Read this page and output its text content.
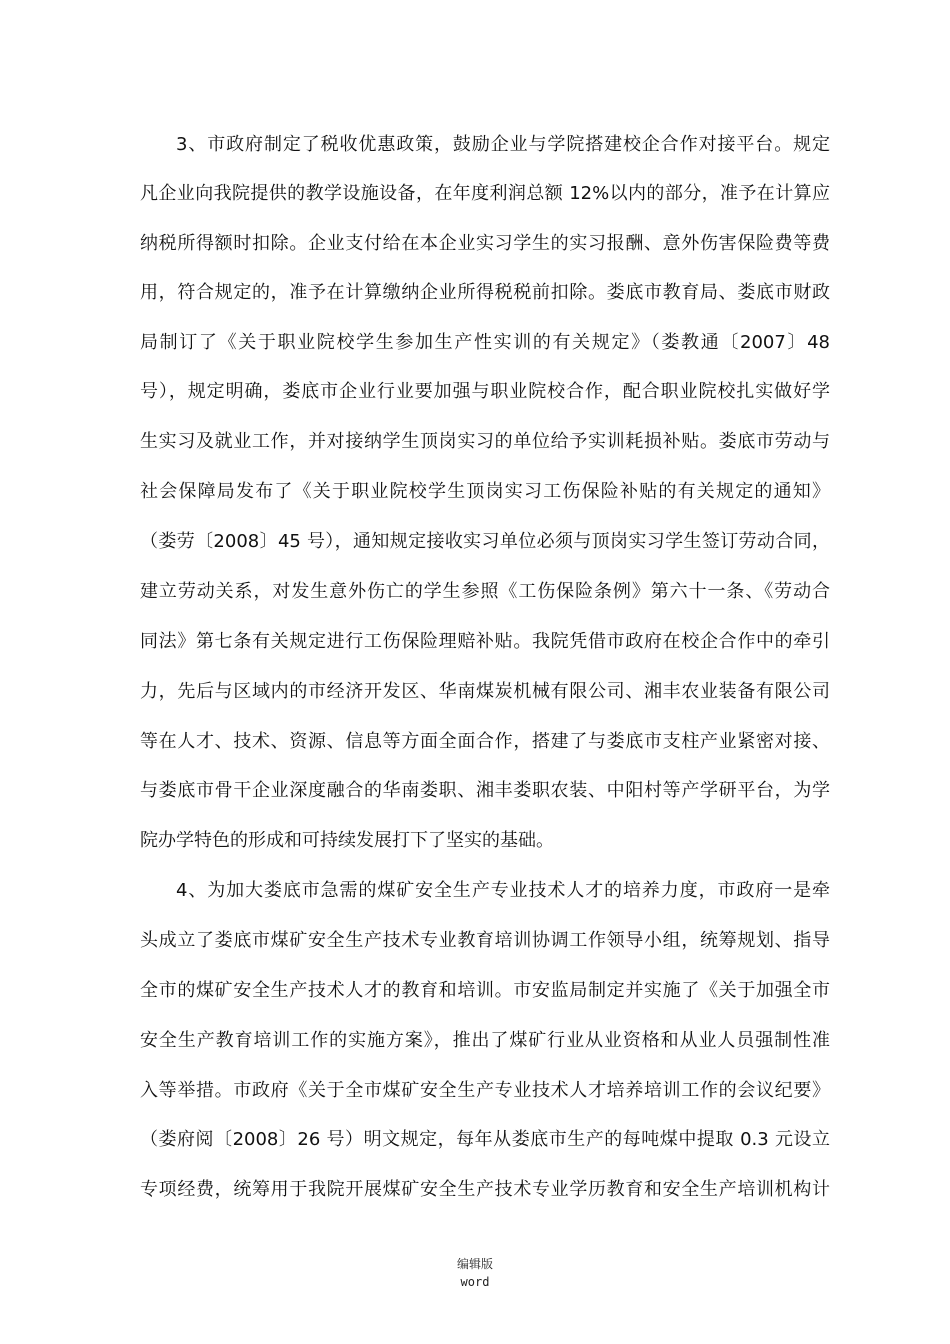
3、市政府制定了税收优惠政策，鼓励企业与学院搭建校企合作对接平台。规定
凡企业向我院提供的教学设施设备，在年度利润总额 12%以内的部分，准予在计算应
纳税所得额时扣除。企业支付给在本企业实习学生的实习报酬、意外伤害保险费等费
用，符合规定的，准予在计算缴纳企业所得税税前扣除。娄底市教育局、娄底市财政
局制订了《关于职业院校学生参加生产性实训的有关规定》（娄教通〔2007〕48
号），规定明确，娄底市企业行业要加强与职业院校合作，配合职业院校扎实做好学
生实习及就业工作，并对接纳学生顶岗实习的单位给予实训耗损补贴。娄底市劳动与
社会保障局发布了《关于职业院校学生顶岗实习工伤保险补贴的有关规定的通知》
（娄劳〔2008〕45 号），通知规定接收实习单位必须与顶岗实习学生签订劳动合同，
建立劳动关系，对发生意外伤亡的学生参照《工伤保险条例》第六十一条、《劳动合
同法》第七条有关规定进行工伤保险理赔补贴。我院凭借市政府在校企合作中的牵引
力，先后与区域内的市经济开发区、华南煤炭机械有限公司、湘丰农业装备有限公司
等在人才、技术、资源、信息等方面全面合作，搭建了与娄底市支柱产业紧密对接、
与娄底市骨干企业深度融合的华南娄职、湘丰娄职农装、中阳村等产学研平台，为学
院办学特色的形成和可持续发展打下了坚实的基础。
4、为加大娄底市急需的煤矿安全生产专业技术人才的培养力度，市政府一是牵
头成立了娄底市煤矿安全生产技术专业教育培训协调工作领导小组，统筹规划、指导
全市的煤矿安全生产技术人才的教育和培训。市安监局制定并实施了《关于加强全市
安全生产教育培训工作的实施方案》，推出了煤矿行业从业资格和从业人员强制性准
入等举措。市政府《关于全市煤矿安全生产专业技术人才培养培训工作的会议纪要》
（娄府阅〔2008〕26 号）明文规定，每年从娄底市生产的每吨煤中提取 0.3 元设立
专项经费，统筹用于我院开展煤矿安全生产技术专业学历教育和安全生产培训机构计
编辑版
word
